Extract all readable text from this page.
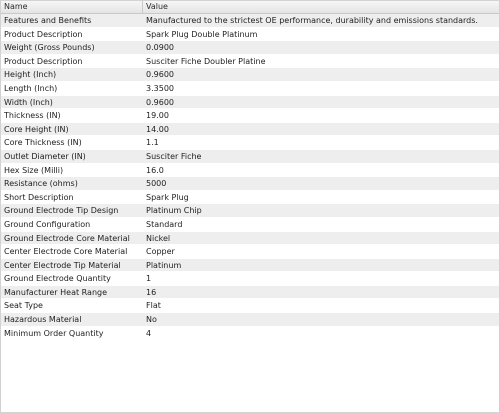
Name	Value
Features and Benefits	Manufactured to the strictest OE performance, durability and emissions standards.
Product Description	Spark Plug Double Platinum
Weight (Gross Pounds)	0.0900
Product Description	Susciter Fiche Doubler Platine
Height (Inch)	0.9600
Length (Inch)	3.3500
Width (Inch)	0.9600
Thickness (IN)	19.00
Core Height (IN)	14.00
Core Thickness (IN)	1.1
Outlet Diameter (IN)	Susciter Fiche
Hex Size (Milli)	16.0
Resistance (ohms)	5000
Short Description	Spark Plug
Ground Electrode Tip Design	Platinum Chip
Ground Configuration	Standard
Ground Electrode Core Material	Nickel
Center Electrode Core Material	Copper
Center Electrode Tip Material	Platinum
Ground Electrode Quantity	1
Manufacturer Heat Range	16
Seat Type	Flat
Hazardous Material	No
Minimum Order Quantity	4
